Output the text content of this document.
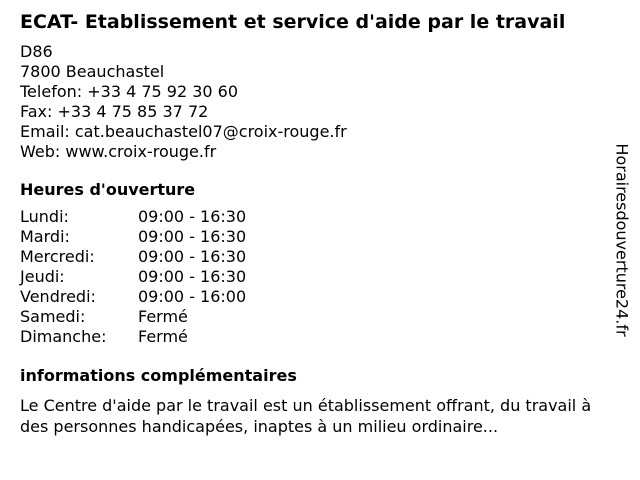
ECAT- Etablissement et service d'aide par le travail
D86
7800 Beauchastel
Telefon: +33 4 75 92 30 60
Fax: +33 4 75 85 37 72
Email: cat.beauchastel07@croix-rouge.fr
Web: www.croix-rouge.fr
Heures d'ouverture
Lundi:	09:00 - 16:30
Mardi:	09:00 - 16:30
Mercredi:	09:00 - 16:30
Jeudi:	09:00 - 16:30
Vendredi:	09:00 - 16:00
Samedi:	Fermé
Dimanche:	Fermé
informations complémentaires

Le Centre d'aide par le travail est un établissement offrant, du travail à des personnes handicapées, inaptes à un milieu ordinaire...

Horairesdouverture24.fr
